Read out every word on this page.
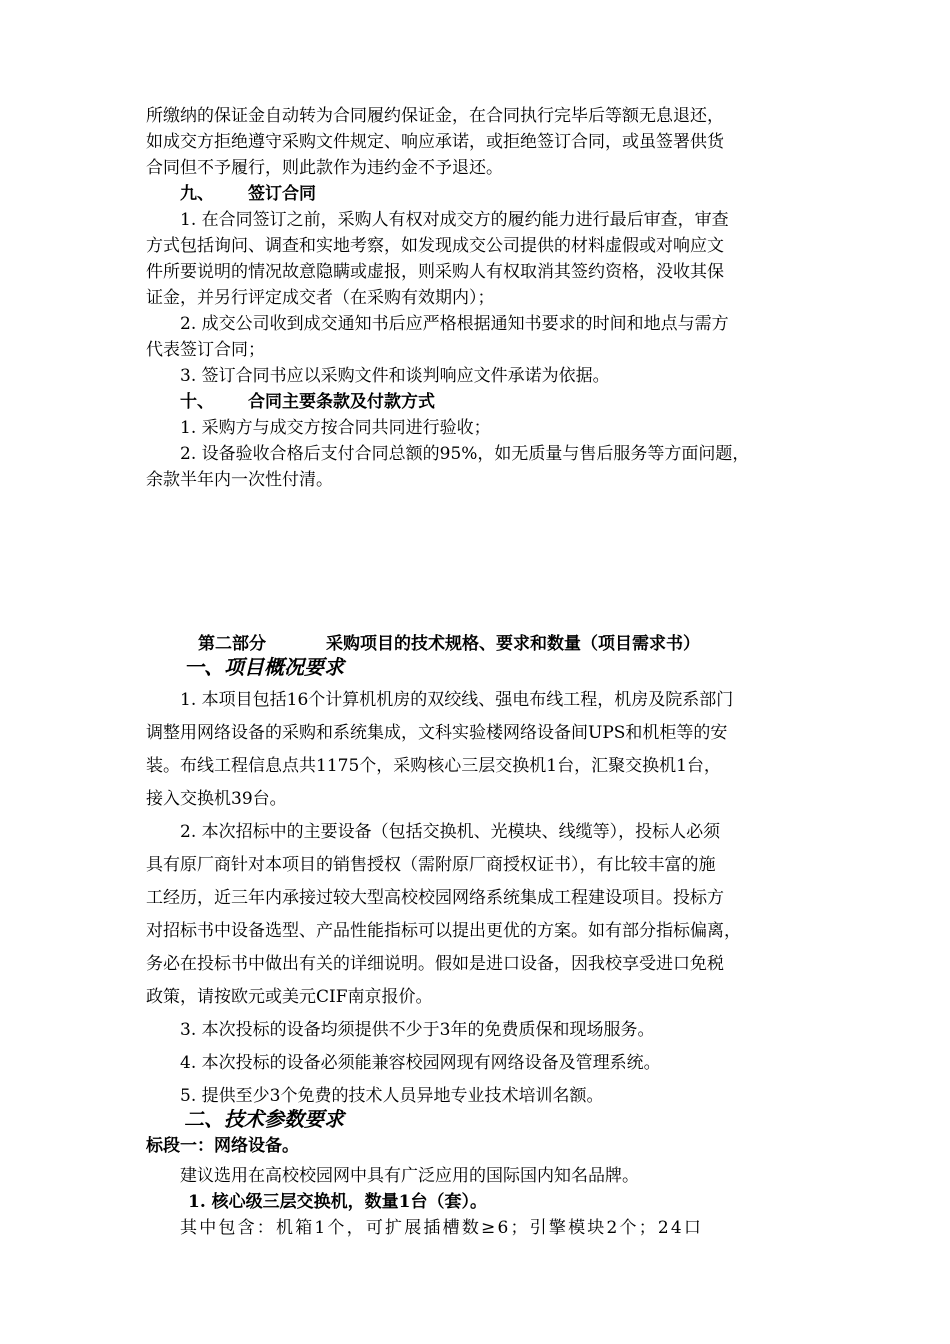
所缴纳的保证金自动转为合同履约保证金，在合同执行完毕后等额无息退还，
如成交方拒绝遵守采购文件规定、响应承诺，或拒绝签订合同，或虽签署供货
合同但不予履行，则此款作为违约金不予退还。
九、 签订合同
1. 在合同签订之前，采购人有权对成交方的履约能力进行最后审查，审查
方式包括询问、调查和实地考察，如发现成交公司提供的材料虚假或对响应文
件所要说明的情况故意隐瞒或虚报，则采购人有权取消其签约资格，没收其保
证金，并另行评定成交者（在采购有效期内）；
2. 成交公司收到成交通知书后应严格根据通知书要求的时间和地点与需方
代表签订合同；
3. 签订合同书应以采购文件和谈判响应文件承诺为依据。
十、 合同主要条款及付款方式
1. 采购方与成交方按合同共同进行验收；
2. 设备验收合格后支付合同总额的95%，如无质量与售后服务等方面问题，
余款半年内一次性付清。
第二部分	采购项目的技术规格、要求和数量（项目需求书）
一、项目概况要求
1. 本项目包括16个计算机机房的双绞线、强电布线工程，机房及院系部门
调整用网络设备的采购和系统集成，文科实验楼网络设备间UPS和机柜等的安
装。布线工程信息点共1175个，采购核心三层交换机1台，汇聚交换机1台，
接入交换机39台。
2. 本次招标中的主要设备（包括交换机、光模块、线缆等），投标人必须
具有原厂商针对本项目的销售授权（需附原厂商授权证书），有比较丰富的施
工经历，近三年内承接过较大型高校校园网络系统集成工程建设项目。投标方
对招标书中设备选型、产品性能指标可以提出更优的方案。如有部分指标偏离，
务必在投标书中做出有关的详细说明。假如是进口设备，因我校享受进口免税
政策，请按欧元或美元CIF南京报价。
3. 本次投标的设备均须提供不少于3年的免费质保和现场服务。
4. 本次投标的设备必须能兼容校园网现有网络设备及管理系统。
5. 提供至少3个免费的技术人员异地专业技术培训名额。
二、技术参数要求
标段一：网络设备。
建议选用在高校校园网中具有广泛应用的国际国内知名品牌。
1. 核心级三层交换机，数量1台（套）。
其中包含：机箱1个，可扩展插槽数≥6；引擎模块2个；24口
